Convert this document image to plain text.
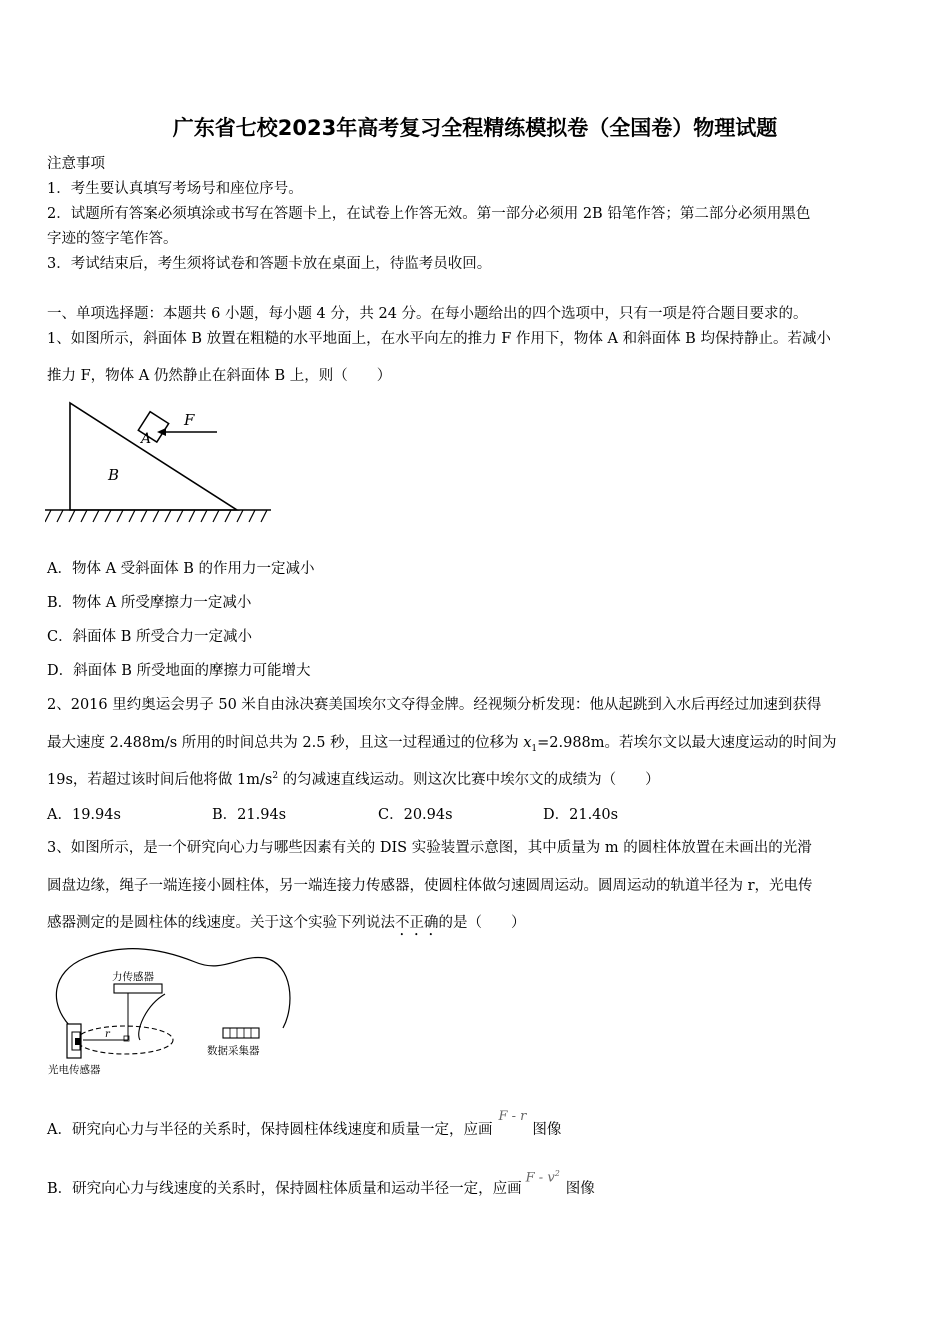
广东省七校2023年高考复习全程精练模拟卷（全国卷）物理试题
注意事项
1．考生要认真填写考场号和座位序号。
2．试题所有答案必须填涂或书写在答题卡上，在试卷上作答无效。第一部分必须用 2B 铅笔作答；第二部分必须用黑色
字迹的签字笔作答。
3．考试结束后，考生须将试卷和答题卡放在桌面上，待监考员收回。
一、单项选择题：本题共 6 小题，每小题 4 分，共 24 分。在每小题给出的四个选项中，只有一项是符合题目要求的。
1、如图所示，斜面体 B 放置在粗糙的水平地面上，在水平向左的推力 F 作用下，物体 A 和斜面体 B 均保持静止。若减小
推力 F，物体 A 仍然静止在斜面体 B 上，则（　　）
A
F
B
A．物体 A 受斜面体 B 的作用力一定减小
B．物体 A 所受摩擦力一定减小
C．斜面体 B 所受合力一定减小
D．斜面体 B 所受地面的摩擦力可能增大
2、2016 里约奥运会男子 50 米自由泳决赛美国埃尔文夺得金牌。经视频分析发现：他从起跳到入水后再经过加速到获得
最大速度 2.488m/s 所用的时间总共为 2.5 秒，且这一过程通过的位移为 $x_1=2.988m$。若埃尔文以最大速度运动的时间为
19s，若超过该时间后他将做 $1m/s^2$ 的匀减速直线运动。则这次比赛中埃尔文的成绩为（　　）
A．19.94s	B．21.94s	C．20.94s	D．21.40s
3、如图所示，是一个研究向心力与哪些因素有关的 DIS 实验装置示意图，其中质量为 m 的圆柱体放置在未画出的光滑
圆盘边缘，绳子一端连接小圆柱体，另一端连接力传感器，使圆柱体做匀速圆周运动。圆周运动的轨道半径为 r，光电传
感器测定的是圆柱体的线速度。关于这个实验下列说法不正确的是（　　）
力传感器
r
光电传感器
数据采集器
A．研究向心力与半径的关系时，保持圆柱体线速度和质量一定，应画F - r图像
B．研究向心力与线速度的关系时，保持圆柱体质量和运动半径一定，应画F - $v^2$图像
